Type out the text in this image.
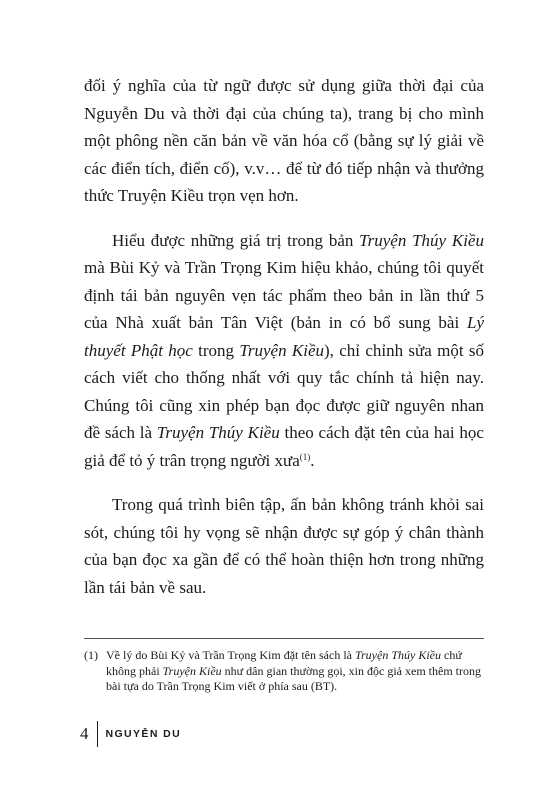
đối ý nghĩa của từ ngữ được sử dụng giữa thời đại của Nguyễn Du và thời đại của chúng ta), trang bị cho mình một phông nền căn bản về văn hóa cổ (bằng sự lý giải về các điển tích, điển cố), v.v… để từ đó tiếp nhận và thưởng thức Truyện Kiều trọn vẹn hơn.

Hiểu được những giá trị trong bản Truyện Thúy Kiều mà Bùi Kỷ và Trần Trọng Kim hiệu khảo, chúng tôi quyết định tái bản nguyên vẹn tác phẩm theo bản in lần thứ 5 của Nhà xuất bản Tân Việt (bản in có bổ sung bài Lý thuyết Phật học trong Truyện Kiều), chỉ chỉnh sửa một số cách viết cho thống nhất với quy tắc chính tả hiện nay. Chúng tôi cũng xin phép bạn đọc được giữ nguyên nhan đề sách là Truyện Thúy Kiều theo cách đặt tên của hai học giả để tỏ ý trân trọng người xưa$^{(1)}$.

Trong quá trình biên tập, ấn bản không tránh khỏi sai sót, chúng tôi hy vọng sẽ nhận được sự góp ý chân thành của bạn đọc xa gần để có thể hoàn thiện hơn trong những lần tái bản về sau.

(1) Về lý do Bùi Kỷ và Trần Trọng Kim đặt tên sách là Truyện Thúy Kiều chứ không phải Truyện Kiều như dân gian thường gọi, xin độc giả xem thêm trong bài tựa do Trần Trọng Kim viết ở phía sau (BT).
4	NGUYỄN DU
